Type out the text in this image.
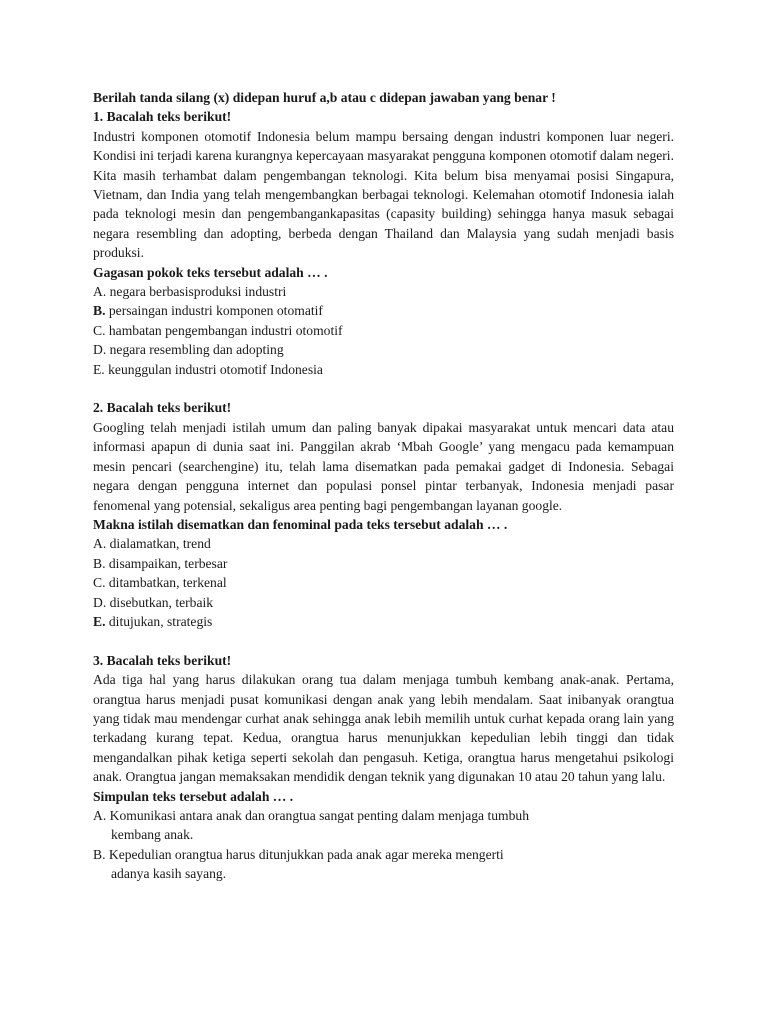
Berilah tanda silang (x) didepan huruf a,b atau c didepan jawaban yang benar !
1. Bacalah teks berikut!
Industri komponen otomotif Indonesia belum mampu bersaing dengan industri komponen luar negeri. Kondisi ini terjadi karena kurangnya kepercayaan masyarakat pengguna komponen otomotif dalam negeri. Kita masih terhambat dalam pengembangan teknologi. Kita belum bisa menyamai posisi Singapura, Vietnam, dan India yang telah mengembangkan berbagai teknologi. Kelemahan otomotif Indonesia ialah pada teknologi mesin dan pengembangankapasitas (capasity building) sehingga hanya masuk sebagai negara resembling dan adopting, berbeda dengan Thailand dan Malaysia yang sudah menjadi basis produksi.
Gagasan pokok teks tersebut adalah … .
A.
negara berbasisproduksi industri
B.
persaingan industri komponen otomatif
C.
hambatan pengembangan industri otomotif
D.
negara resembling dan adopting
E.
keunggulan industri otomotif Indonesia
2. Bacalah teks berikut!
Googling telah menjadi istilah umum dan paling banyak dipakai masyarakat untuk mencari data atau informasi apapun di dunia saat ini. Panggilan akrab ‘Mbah Google’ yang mengacu pada kemampuan mesin pencari (searchengine) itu, telah lama disematkan pada pemakai gadget di Indonesia. Sebagai negara dengan pengguna internet dan populasi ponsel pintar terbanyak, Indonesia menjadi pasar fenomenal yang potensial, sekaligus area penting bagi pengembangan layanan google.
Makna istilah disematkan dan fenominal pada teks tersebut adalah … .
A.
dialamatkan, trend
B.
disampaikan, terbesar
C.
ditambatkan, terkenal
D.
disebutkan, terbaik
E.
ditujukan, strategis
3. Bacalah teks berikut!
Ada tiga hal yang harus dilakukan orang tua dalam menjaga tumbuh kembang anak-anak. Pertama, orangtua harus menjadi pusat komunikasi dengan anak yang lebih mendalam. Saat inibanyak orangtua yang tidak mau mendengar curhat anak sehingga anak lebih memilih untuk curhat kepada orang lain yang terkadang kurang tepat. Kedua, orangtua harus menunjukkan kepedulian lebih tinggi dan tidak mengandalkan pihak ketiga seperti sekolah dan pengasuh. Ketiga, orangtua harus mengetahui psikologi anak. Orangtua jangan memaksakan mendidik dengan teknik yang digunakan 10 atau 20 tahun yang lalu.
Simpulan teks tersebut adalah … .
A. Komunikasi antara anak dan orangtua sangat penting dalam menjaga tumbuh
kembang anak.
B. Kepedulian orangtua harus ditunjukkan pada anak agar mereka mengerti
adanya kasih sayang.
